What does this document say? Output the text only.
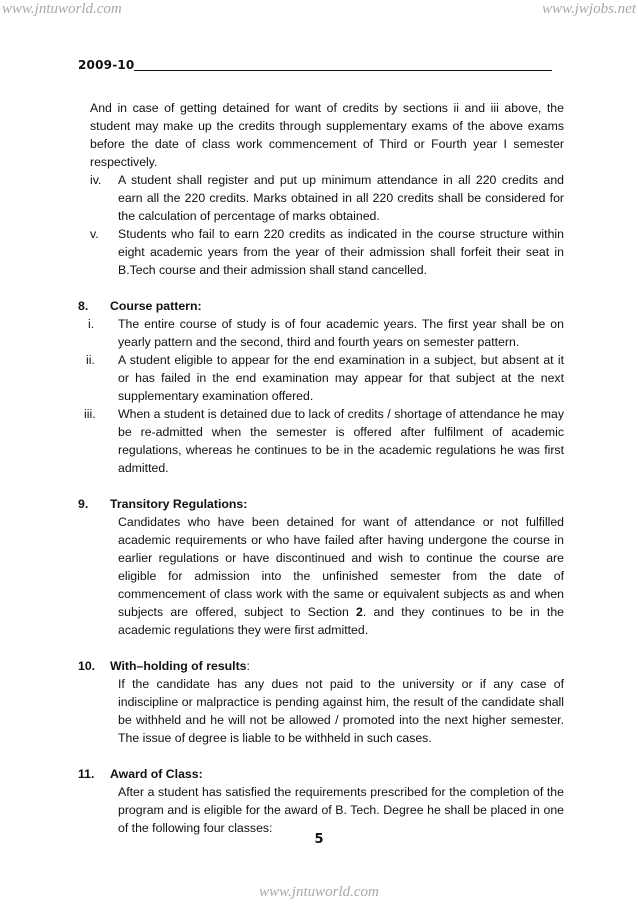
www.jntuworld.com	www.jwjobs.net
2009-10

And in case of getting detained for want of credits by sections ii and iii above, the student may make up the credits through supplementary exams of the above exams before the date of class work commencement of Third or Fourth year I semester respectively.

iv.	A student shall register and put up minimum attendance in all 220 credits and earn all the 220 credits. Marks obtained in all 220 credits shall be considered for the calculation of percentage of marks obtained.
v.	Students who fail to earn 220 credits as indicated in the course structure within eight academic years from the year of their admission shall forfeit their seat in B.Tech course and their admission shall stand cancelled.
8.	Course pattern:
i.	The entire course of study is of four academic years. The first year shall be on yearly pattern and the second, third and fourth years on semester pattern.
ii.	A student eligible to appear for the end examination in a subject, but absent at it or has failed in the end examination may appear for that subject at the next supplementary examination offered.
iii.	When a student is detained due to lack of credits / shortage of attendance he may be re-admitted when the semester is offered after fulfilment of academic regulations, whereas he continues to be in the academic regulations he was first admitted.
9.	Transitory Regulations:

Candidates who have been detained for want of attendance or not fulfilled academic requirements or who have failed after having undergone the course in earlier regulations or have discontinued and wish to continue the course are eligible for admission into the unfinished semester from the date of commencement of class work with the same or equivalent subjects as and when subjects are offered, subject to Section 2. and they continues to be in the academic regulations they were first admitted.

10.	With–holding of results:

If the candidate has any dues not paid to the university or if any case of indiscipline or malpractice is pending against him, the result of the candidate shall be withheld and he will not be allowed / promoted into the next higher semester. The issue of degree is liable to be withheld in such cases.

11.	Award of Class:

After a student has satisfied the requirements prescribed for the completion of the program and is eligible for the award of B. Tech. Degree he shall be placed in one of the following four classes:

5
www.jntuworld.com
